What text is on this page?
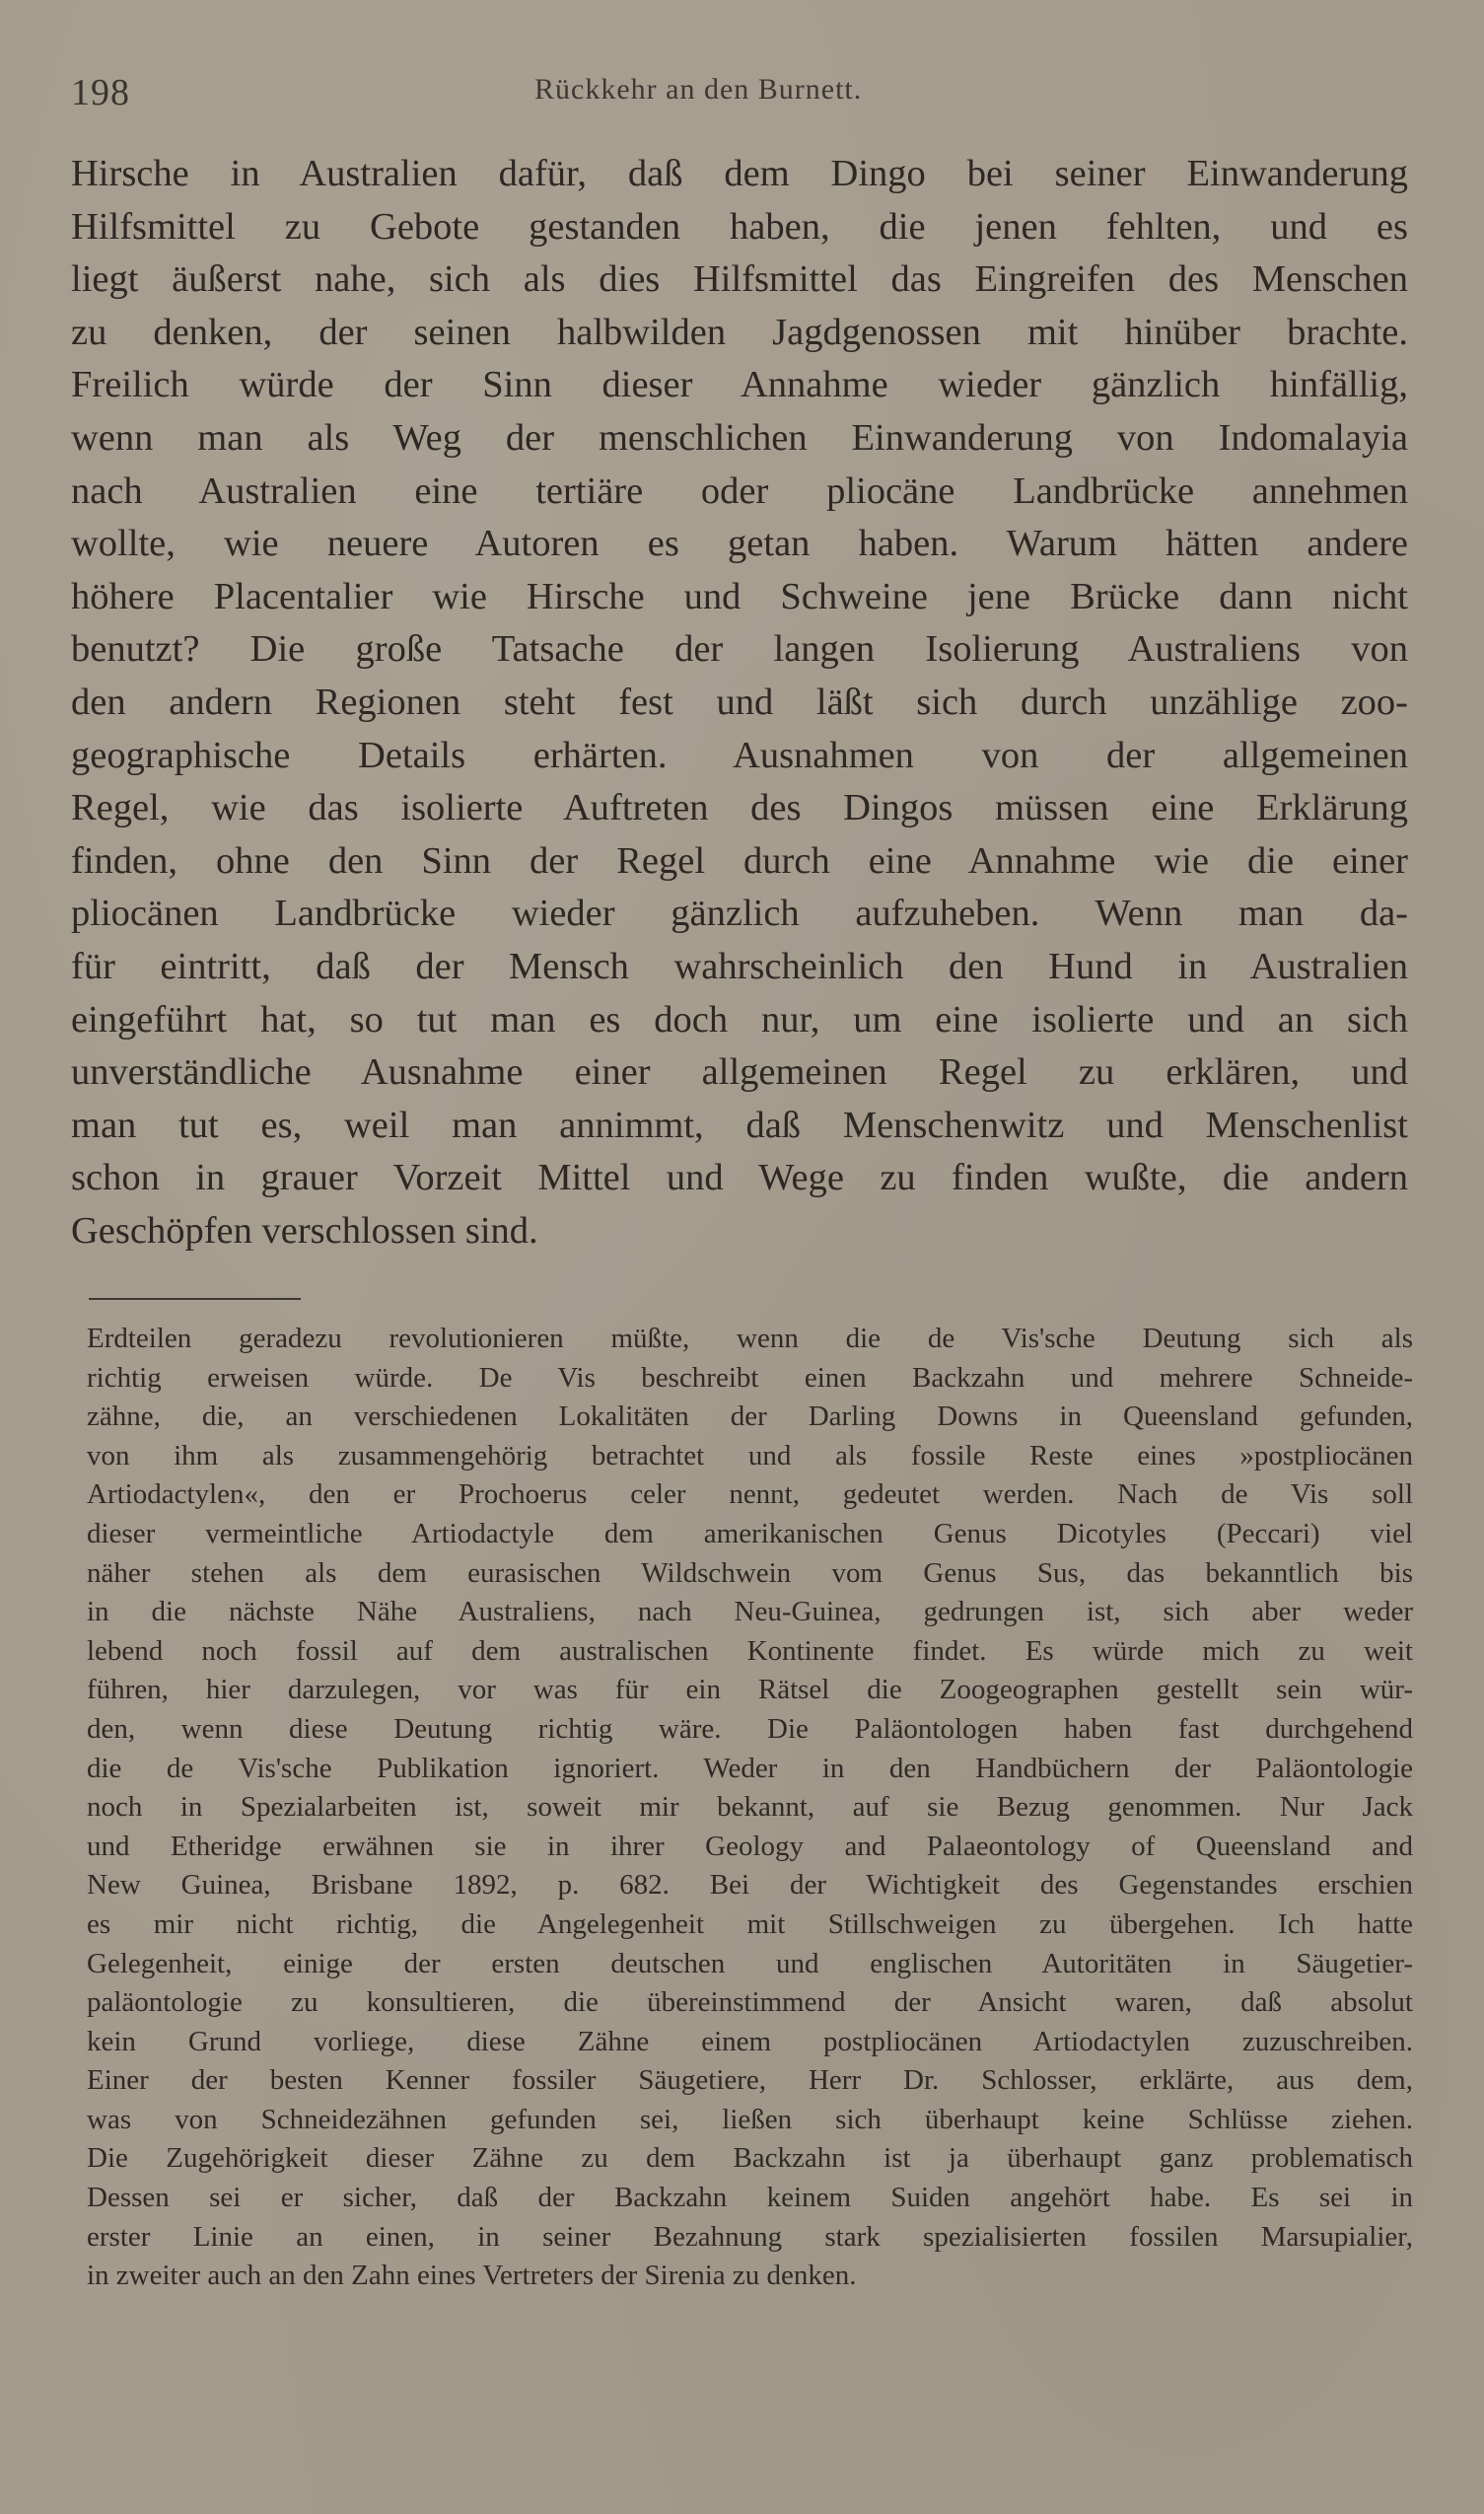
198	Rückkehr an den Burnett.
Hirsche in Australien dafür, daß dem Dingo bei seiner Einwanderung
Hilfsmittel zu Gebote gestanden haben, die jenen fehlten, und es
liegt äußerst nahe, sich als dies Hilfsmittel das Eingreifen des Menschen
zu denken, der seinen halbwilden Jagdgenossen mit hinüber brachte.
Freilich würde der Sinn dieser Annahme wieder gänzlich hinfällig,
wenn man als Weg der menschlichen Einwanderung von Indomalayia
nach Australien eine tertiäre oder pliocäne Landbrücke annehmen
wollte, wie neuere Autoren es getan haben. Warum hätten andere
höhere Placentalier wie Hirsche und Schweine jene Brücke dann nicht
benutzt? Die große Tatsache der langen Isolierung Australiens von
den andern Regionen steht fest und läßt sich durch unzählige zoo-
geographische Details erhärten. Ausnahmen von der allgemeinen
Regel, wie das isolierte Auftreten des Dingos müssen eine Erklärung
finden, ohne den Sinn der Regel durch eine Annahme wie die einer
pliocänen Landbrücke wieder gänzlich aufzuheben. Wenn man da-
für eintritt, daß der Mensch wahrscheinlich den Hund in Australien
eingeführt hat, so tut man es doch nur, um eine isolierte und an sich
unverständliche Ausnahme einer allgemeinen Regel zu erklären, und
man tut es, weil man annimmt, daß Menschenwitz und Menschenlist
schon in grauer Vorzeit Mittel und Wege zu finden wußte, die andern
Geschöpfen verschlossen sind.
Erdteilen geradezu revolutionieren müßte, wenn die de Vis'sche Deutung sich als
richtig erweisen würde. De Vis beschreibt einen Backzahn und mehrere Schneide-
zähne, die, an verschiedenen Lokalitäten der Darling Downs in Queensland gefunden,
von ihm als zusammengehörig betrachtet und als fossile Reste eines »postpliocänen
Artiodactylen«, den er Prochoerus celer nennt, gedeutet werden. Nach de Vis soll
dieser vermeintliche Artiodactyle dem amerikanischen Genus Dicotyles (Peccari) viel
näher stehen als dem eurasischen Wildschwein vom Genus Sus, das bekanntlich bis
in die nächste Nähe Australiens, nach Neu-Guinea, gedrungen ist, sich aber weder
lebend noch fossil auf dem australischen Kontinente findet. Es würde mich zu weit
führen, hier darzulegen, vor was für ein Rätsel die Zoogeographen gestellt sein wür-
den, wenn diese Deutung richtig wäre. Die Paläontologen haben fast durchgehend
die de Vis'sche Publikation ignoriert. Weder in den Handbüchern der Paläontologie
noch in Spezialarbeiten ist, soweit mir bekannt, auf sie Bezug genommen. Nur Jack
und Etheridge erwähnen sie in ihrer Geology and Palaeontology of Queensland and
New Guinea, Brisbane 1892, p. 682. Bei der Wichtigkeit des Gegenstandes erschien
es mir nicht richtig, die Angelegenheit mit Stillschweigen zu übergehen. Ich hatte
Gelegenheit, einige der ersten deutschen und englischen Autoritäten in Säugetier-
paläontologie zu konsultieren, die übereinstimmend der Ansicht waren, daß absolut
kein Grund vorliege, diese Zähne einem postpliocänen Artiodactylen zuzuschreiben.
Einer der besten Kenner fossiler Säugetiere, Herr Dr. Schlosser, erklärte, aus dem,
was von Schneidezähnen gefunden sei, ließen sich überhaupt keine Schlüsse ziehen.
Die Zugehörigkeit dieser Zähne zu dem Backzahn ist ja überhaupt ganz problematisch
Dessen sei er sicher, daß der Backzahn keinem Suiden angehört habe. Es sei in
erster Linie an einen, in seiner Bezahnung stark spezialisierten fossilen Marsupialier,
in zweiter auch an den Zahn eines Vertreters der Sirenia zu denken.
